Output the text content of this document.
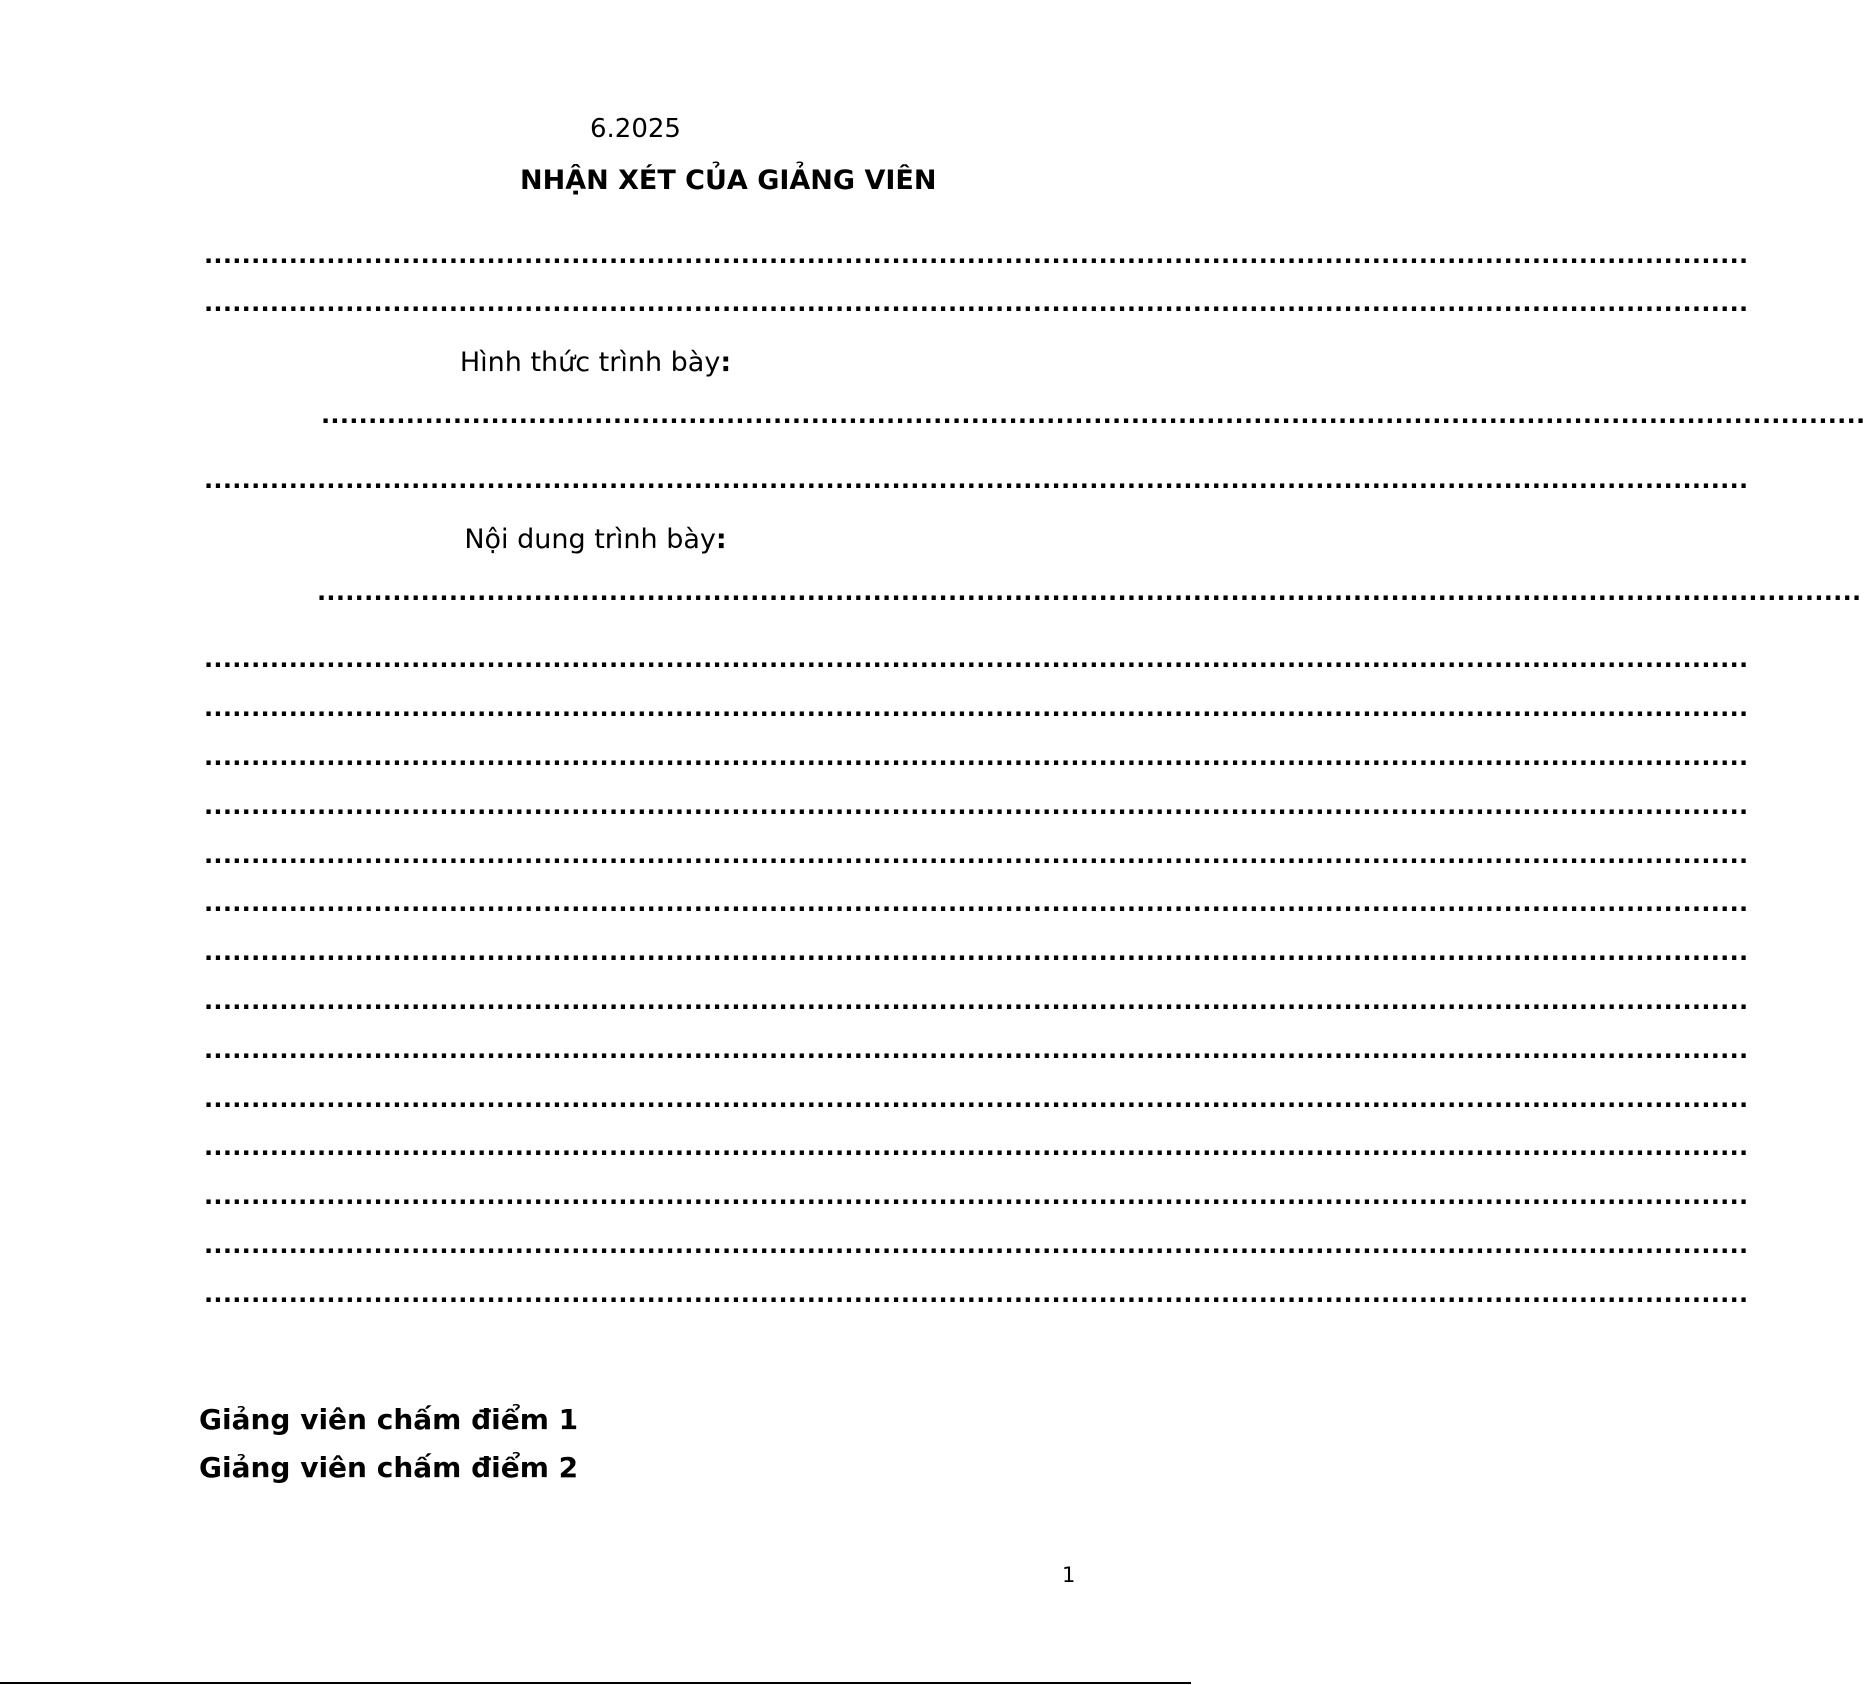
6.2025
NHẬN XÉT CỦA GIẢNG VIÊN
....................................................................................................................................................................
....................................................................................................................................................................
Hình thức trình bày:
....................................................................................................................................................................
....................................................................................................................................................................
Nội dung trình bày:
....................................................................................................................................................................
....................................................................................................................................................................
....................................................................................................................................................................
....................................................................................................................................................................
....................................................................................................................................................................
....................................................................................................................................................................
....................................................................................................................................................................
....................................................................................................................................................................
....................................................................................................................................................................
....................................................................................................................................................................
....................................................................................................................................................................
....................................................................................................................................................................
....................................................................................................................................................................
....................................................................................................................................................................
....................................................................................................................................................................
Giảng viên chấm điểm 1
Giảng viên chấm điểm 2
1
